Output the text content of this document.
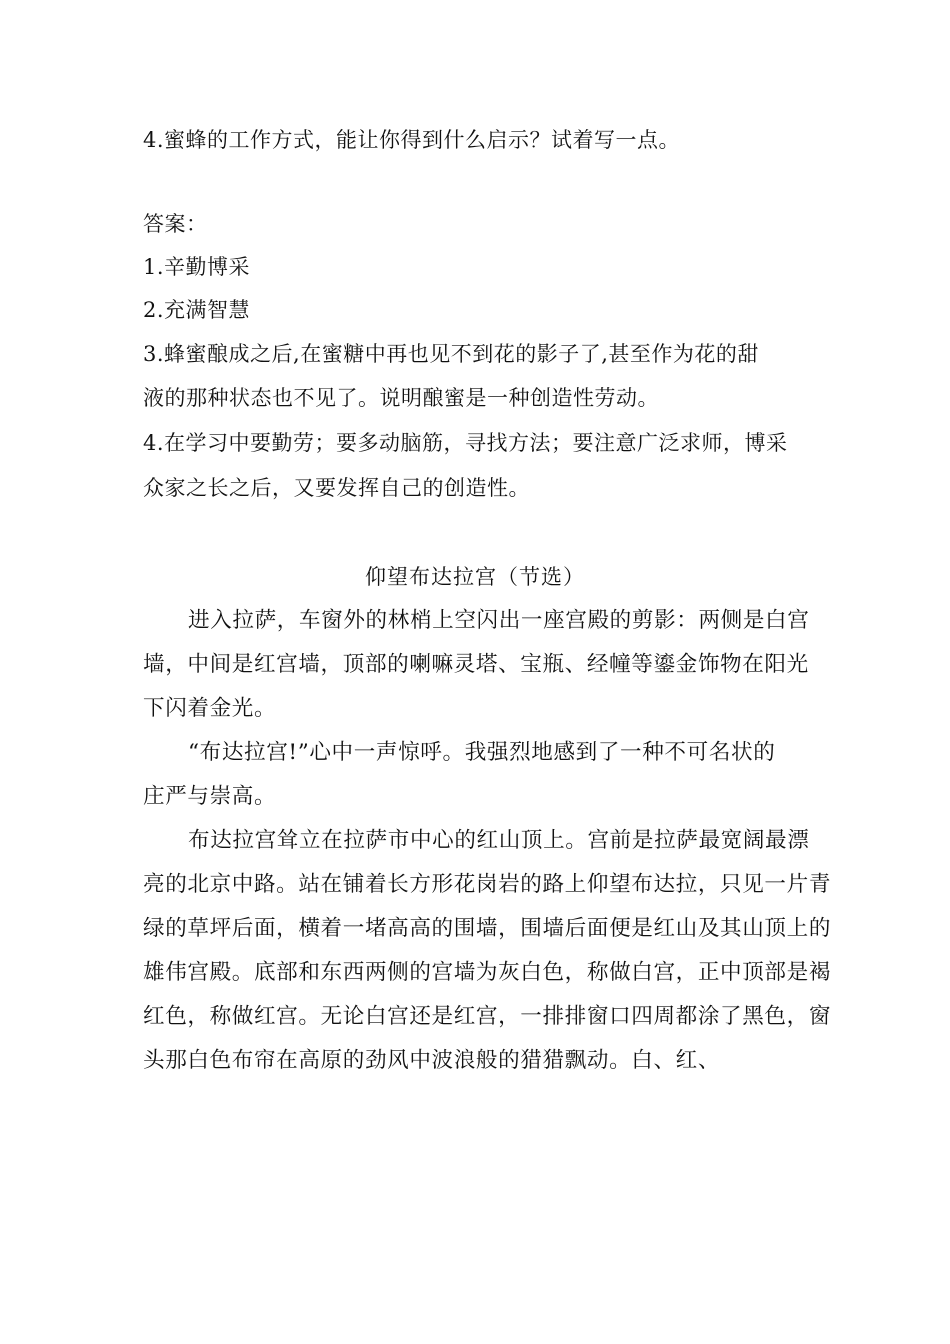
4.蜜蜂的工作方式，能让你得到什么启示？试着写一点。
答案：
1.辛勤博采
2.充满智慧
3.蜂蜜酿成之后,在蜜糖中再也见不到花的影子了,甚至作为花的甜
液的那种状态也不见了。说明酿蜜是一种创造性劳动。
4.在学习中要勤劳；要多动脑筋，寻找方法；要注意广泛求师，博采
众家之长之后，又要发挥自己的创造性。
仰望布达拉宫（节选）
进入拉萨，车窗外的林梢上空闪出一座宫殿的剪影：两侧是白宫
墙，中间是红宫墙，顶部的喇嘛灵塔、宝瓶、经幢等鎏金饰物在阳光
下闪着金光。
“布达拉宫!”心中一声惊呼。我强烈地感到了一种不可名状的
庄严与崇高。
布达拉宫耸立在拉萨市中心的红山顶上。宫前是拉萨最宽阔最漂
亮的北京中路。站在铺着长方形花岗岩的路上仰望布达拉，只见一片青
绿的草坪后面，横着一堵高高的围墙，围墙后面便是红山及其山顶上的
雄伟宫殿。底部和东西两侧的宫墙为灰白色，称做白宫，正中顶部是褐
红色，称做红宫。无论白宫还是红宫，一排排窗口四周都涂了黑色，窗
头那白色布帘在高原的劲风中波浪般的猎猎飘动。白、红、
